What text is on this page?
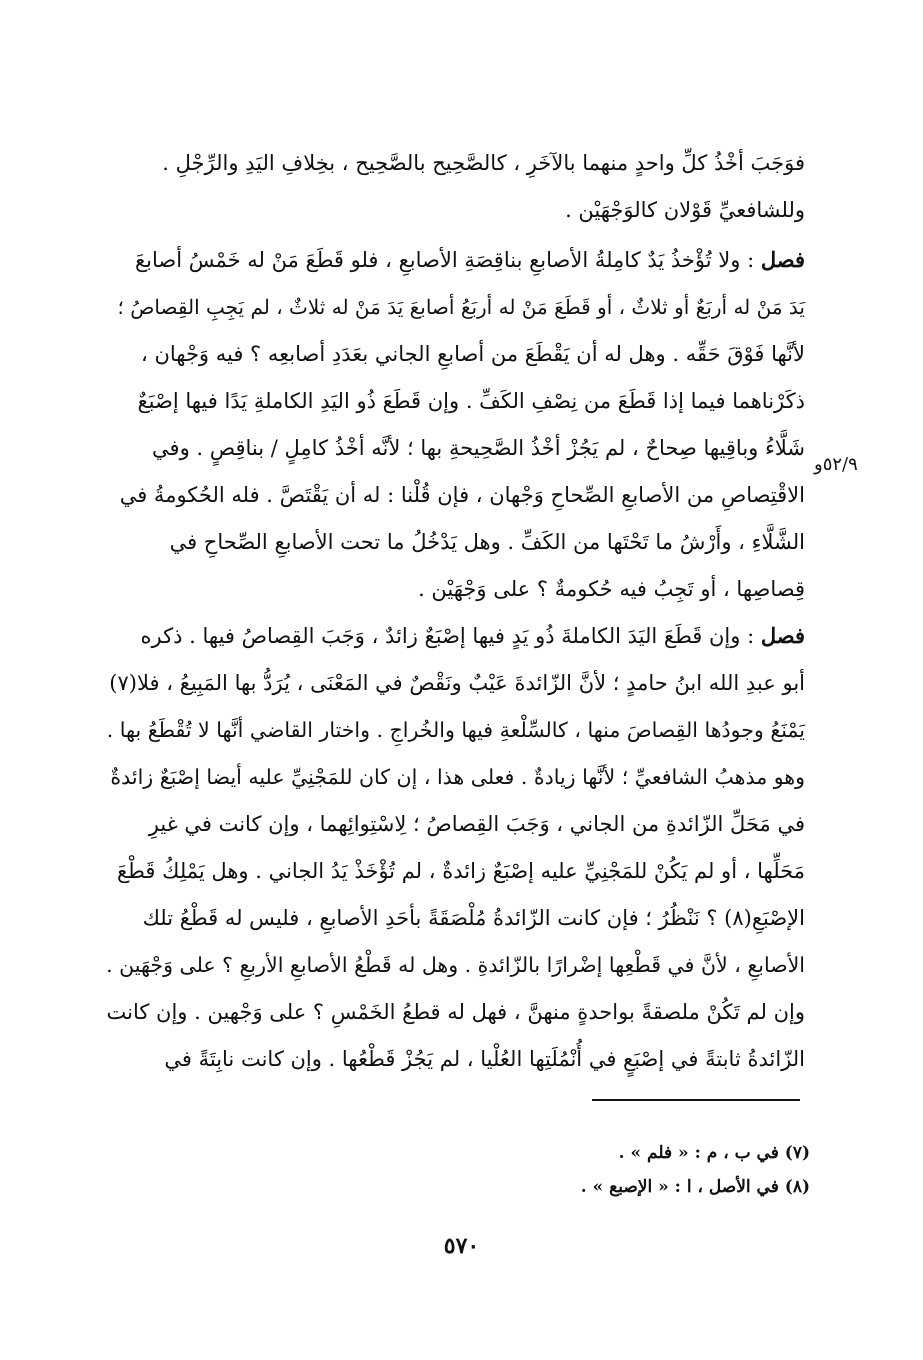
فوَجَبَ أخْذُ كلِّ واحدٍ منهما بالآخَرِ ، كالصَّحِيح بالصَّحِيح ، بخِلافِ اليَدِ والرِّجْلِ .
وللشافعيِّ قَوْلان كالوَجْهَيْن .
فصل : ولا تُؤْخذُ يَدٌ كامِلةُ الأصابعِ بناقِصَةِ الأصابعِ ، فلو قَطَعَ مَنْ له خَمْسُ أصابعَ
يَدَ مَنْ له أربَعٌ أو ثلاثٌ ، أو قَطَعَ مَنْ له أربَعُ أصابعَ يَدَ مَنْ له ثلاثٌ ، لم يَجِبِ القِصاصُ ؛
لأنَّها فَوْقَ حَقِّه . وهل له أن يَقْطَعَ من أصابعِ الجاني بعَدَدِ أصابعِه ؟ فيه وَجْهان ،
ذكَرْناهما فيما إذا قَطَعَ من نِصْفِ الكَفِّ . وإن قَطَعَ ذُو اليَدِ الكاملةِ يَدًا فيها إصْبَعٌ
شَلَّاءُ وباقِيها صِحاحٌ ، لم يَجُزْ أخْذُ الصَّحِيحةِ بها ؛ لأنَّه أخْذُ كامِلٍ / بناقِصٍ . وفي
الاقْتِصاصِ من الأصابعِ الصِّحاحِ وَجْهان ، فإن قُلْنا : له أن يَقْتَصَّ . فله الحُكومةُ في
الشَّلَّاءِ ، وأَرْشُ ما تَحْتَها من الكَفِّ . وهل يَدْخُلُ ما تحت الأصابعِ الصِّحاحِ في
قِصاصِها ، أو تَجِبُ فيه حُكومةٌ ؟ على وَجْهَيْن .
٥٢/٩و
فصل : وإن قَطَعَ اليَدَ الكاملةَ ذُو يَدٍ فيها إصْبَعٌ زائدٌ ، وَجَبَ القِصاصُ فيها . ذكره
أبو عبدِ الله ابنُ حامدٍ ؛ لأنَّ الزّائدةَ عَيْبٌ ونَقْصٌ في المَعْنَى ، يُرَدُّ بها المَبِيعُ ، فلا(٧)
يَمْنَعُ وجودُها القِصاصَ منها ، كالسِّلْعةِ فيها والخُراجِ . واختار القاضي أنَّها لا تُقْطَعُ بها .
وهو مذهبُ الشافعيِّ ؛ لأنَّها زيادةٌ . فعلى هذا ، إن كان للمَجْنِيِّ عليه أيضا إصْبَعٌ زائدةٌ
في مَحَلِّ الزّائدةِ من الجاني ، وَجَبَ القِصاصُ ؛ لِاسْتِوائِهما ، وإن كانت في غيرِ
مَحَلِّها ، أو لم يَكُنْ للمَجْنِيِّ عليه إصْبَعٌ زائدةٌ ، لم تُؤْخَذْ يَدُ الجاني . وهل يَمْلِكُ قَطْعَ
الإصْبَعِ(٨) ؟ نَنْظُرُ ؛ فإن كانت الزّائدةُ مُلْصَقَةً بأحَدِ الأصابعِ ، فليس له قَطْعُ تلك
الأصابعِ ، لأنَّ في قَطْعِها إضْرارًا بالزّائدةِ . وهل له قَطْعُ الأصابعِ الأربعِ ؟ على وَجْهَين .
وإن لم تَكُنْ ملصقةً بواحدةٍ منهنَّ ، فهل له قطعُ الخَمْسِ ؟ على وَجْهين . وإن كانت
الزّائدةُ ثابتةً في إصْبَعٍ في أُنْمُلَتِها العُلْيا ، لم يَجُزْ قَطْعُها . وإن كانت نابِتَةً في
(٧) في ب ، م : « فلم » .
(٨) في الأصل ، ا : « الإصبع » .
٥٧٠
